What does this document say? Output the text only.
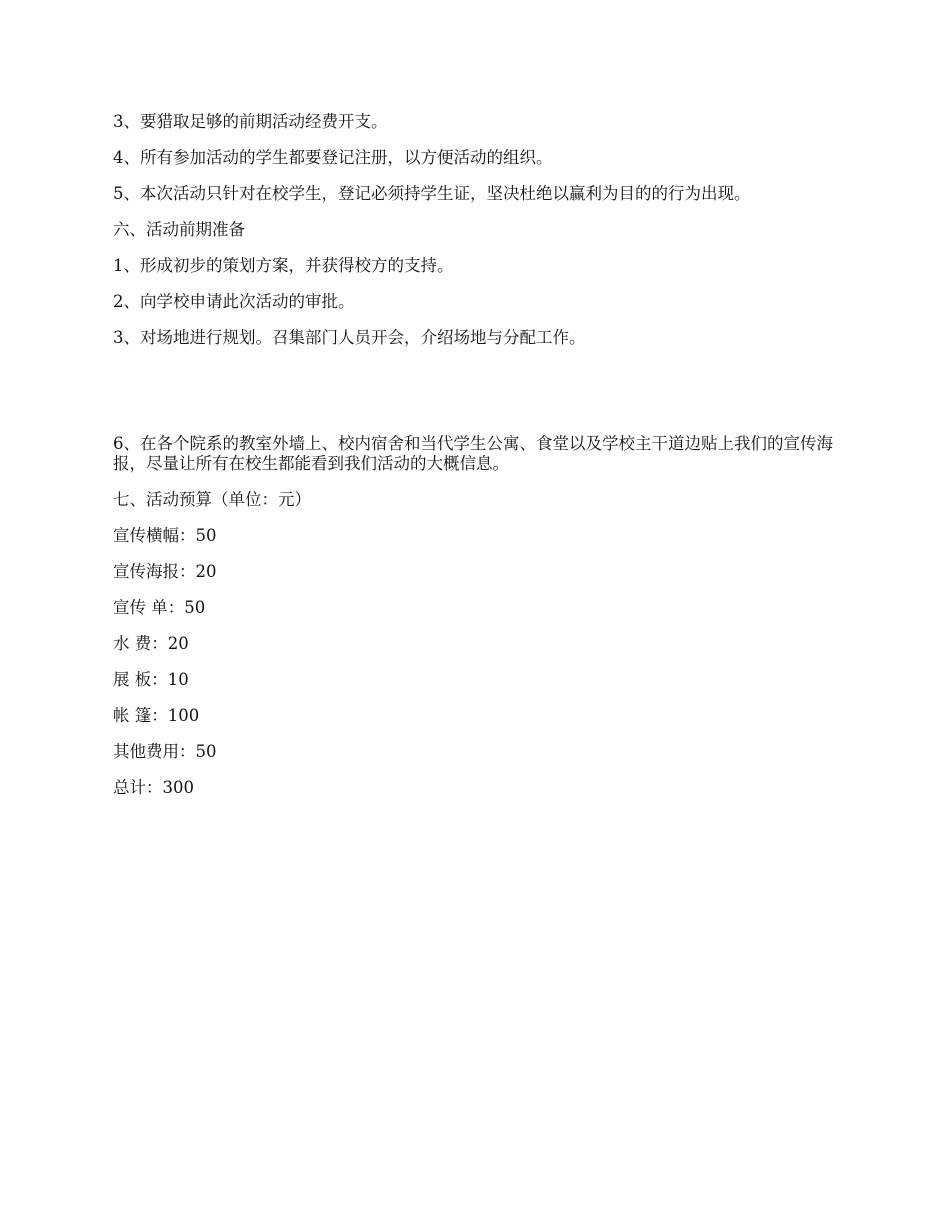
3、要猎取足够的前期活动经费开支。
4、所有参加活动的学生都要登记注册，以方便活动的组织。
5、本次活动只针对在校学生，登记必须持学生证，坚决杜绝以赢利为目的的行为出现。
六、活动前期准备
1、形成初步的策划方案，并获得校方的支持。
2、向学校申请此次活动的审批。
3、对场地进行规划。召集部门人员开会，介绍场地与分配工作。
6、在各个院系的教室外墙上、校内宿舍和当代学生公寓、食堂以及学校主干道边贴上我们的宣传海报，尽量让所有在校生都能看到我们活动的大概信息。
七、活动预算（单位：元）
宣传横幅：50
宣传海报：20
宣传 单：50
水 费：20
展 板：10
帐 篷：100
其他费用：50
总计：300
